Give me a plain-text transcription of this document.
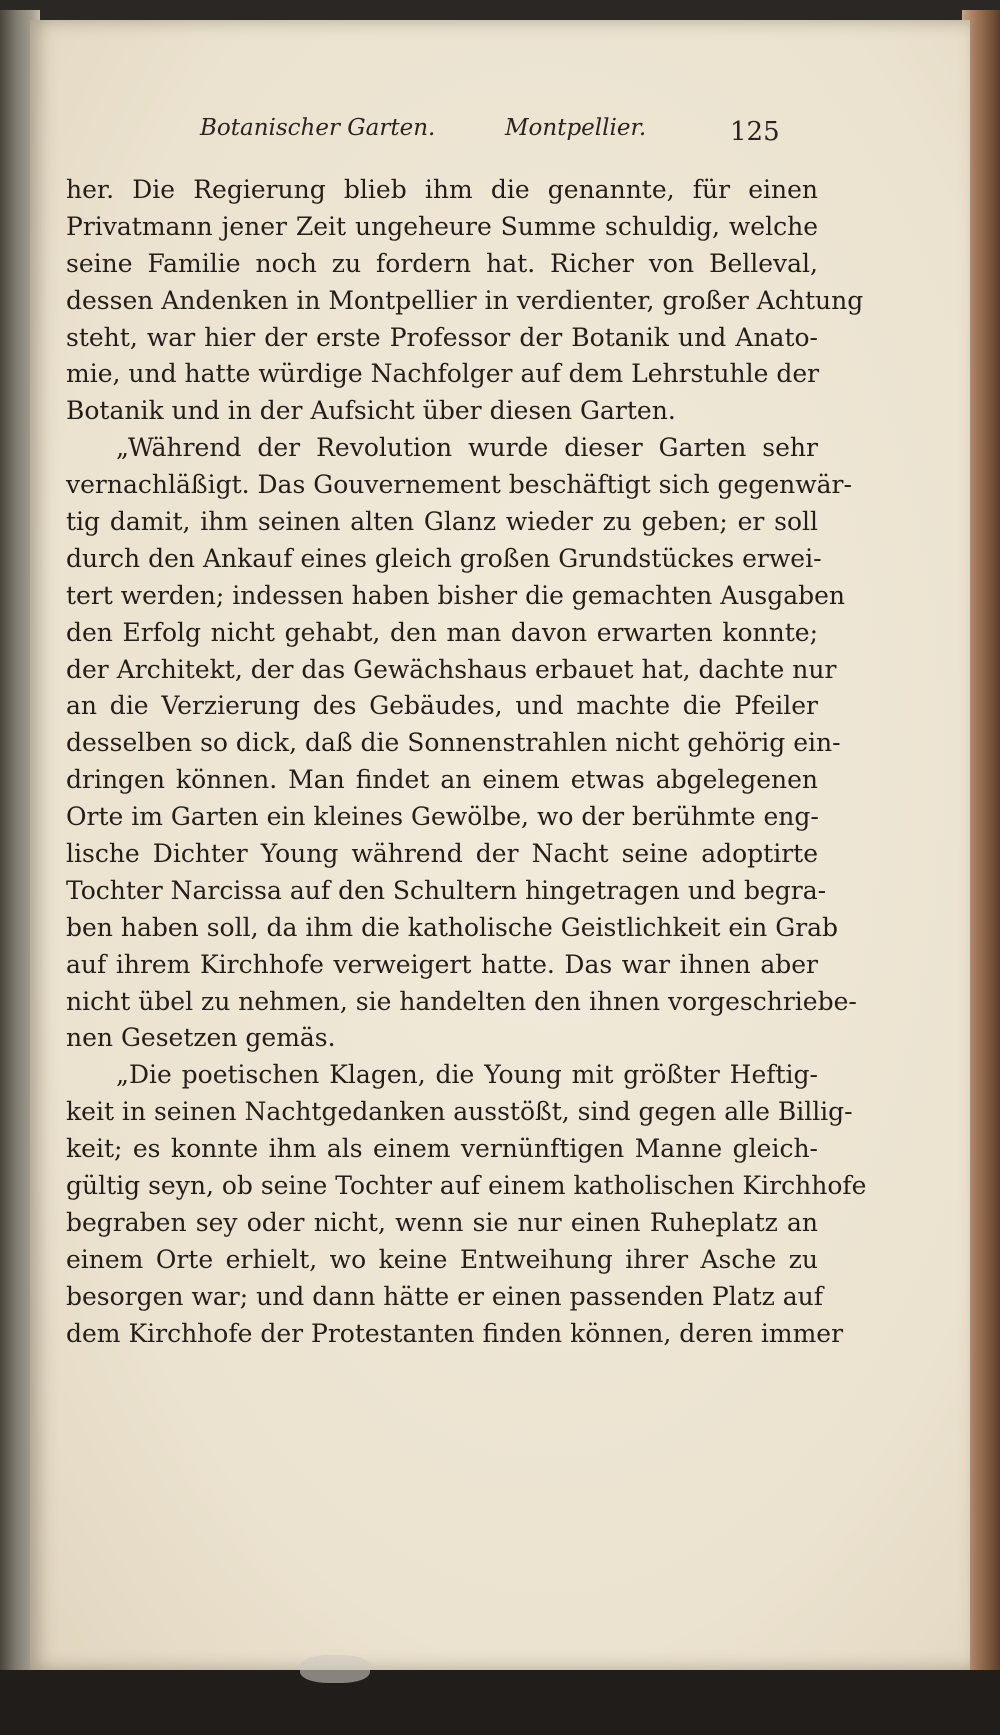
Botanischer Garten.	Montpellier.	125
her. Die Regierung blieb ihm die genannte, für einen
Privatmann jener Zeit ungeheure Summe schuldig, welche
seine Familie noch zu fordern hat. Richer von Belleval,
dessen Andenken in Montpellier in verdienter, großer Achtung
steht, war hier der erste Professor der Botanik und Anato-
mie, und hatte würdige Nachfolger auf dem Lehrstuhle der
Botanik und in der Aufsicht über diesen Garten.
„Während der Revolution wurde dieser Garten sehr
vernachläßigt. Das Gouvernement beschäftigt sich gegenwär-
tig damit, ihm seinen alten Glanz wieder zu geben; er soll
durch den Ankauf eines gleich großen Grundstückes erwei-
tert werden; indessen haben bisher die gemachten Ausgaben
den Erfolg nicht gehabt, den man davon erwarten konnte;
der Architekt, der das Gewächshaus erbauet hat, dachte nur
an die Verzierung des Gebäudes, und machte die Pfeiler
desselben so dick, daß die Sonnenstrahlen nicht gehörig ein-
dringen können. Man findet an einem etwas abgelegenen
Orte im Garten ein kleines Gewölbe, wo der berühmte eng-
lische Dichter Young während der Nacht seine adoptirte
Tochter Narcissa auf den Schultern hingetragen und begra-
ben haben soll, da ihm die katholische Geistlichkeit ein Grab
auf ihrem Kirchhofe verweigert hatte. Das war ihnen aber
nicht übel zu nehmen, sie handelten den ihnen vorgeschriebe-
nen Gesetzen gemäs.
„Die poetischen Klagen, die Young mit größter Heftig-
keit in seinen Nachtgedanken ausstößt, sind gegen alle Billig-
keit; es konnte ihm als einem vernünftigen Manne gleich-
gültig seyn, ob seine Tochter auf einem katholischen Kirchhofe
begraben sey oder nicht, wenn sie nur einen Ruheplatz an
einem Orte erhielt, wo keine Entweihung ihrer Asche zu
besorgen war; und dann hätte er einen passenden Platz auf
dem Kirchhofe der Protestanten finden können, deren immer
